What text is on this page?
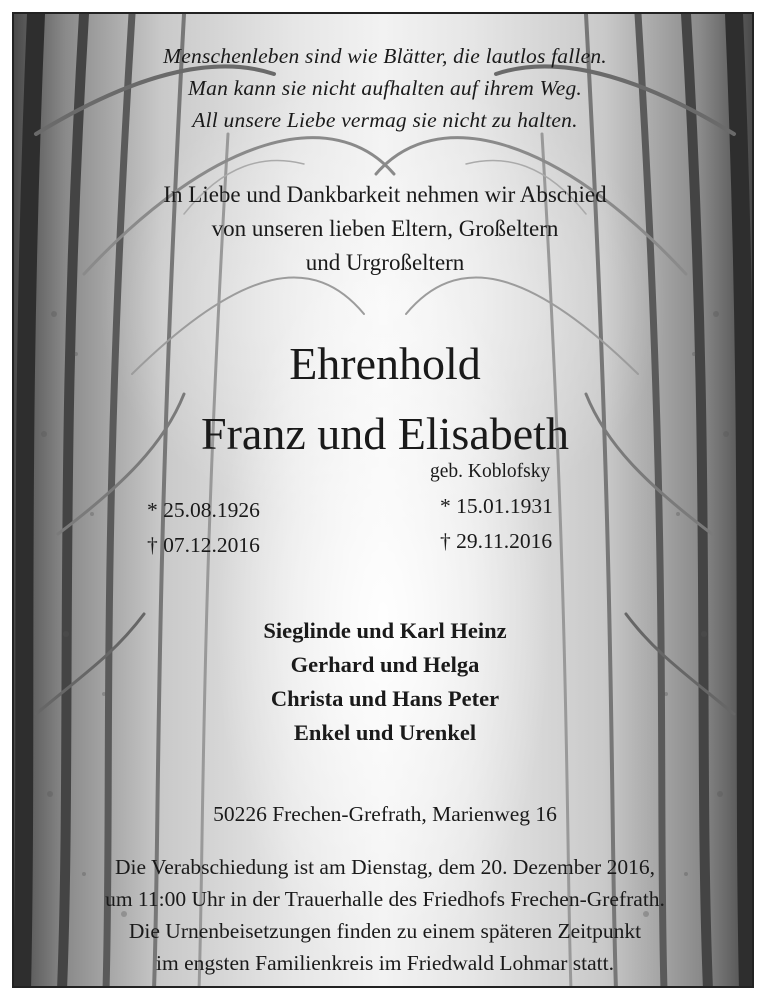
Menschenleben sind wie Blätter, die lautlos fallen.
Man kann sie nicht aufhalten auf ihrem Weg.
All unsere Liebe vermag sie nicht zu halten.
In Liebe und Dankbarkeit nehmen wir Abschied
von unseren lieben Eltern, Großeltern
und Urgroßeltern
Ehrenhold
Franz und Elisabeth
geb. Koblofsky
* 25.08.1926
† 07.12.2016
* 15.01.1931
† 29.11.2016
Sieglinde und Karl Heinz
Gerhard und Helga
Christa und Hans Peter
Enkel und Urenkel
50226 Frechen-Grefrath, Marienweg 16
Die Verabschiedung ist am Dienstag, dem 20. Dezember 2016,
um 11:00 Uhr in der Trauerhalle des Friedhofs Frechen-Grefrath.
Die Urnenbeisetzungen finden zu einem späteren Zeitpunkt
im engsten Familienkreis im Friedwald Lohmar statt.
